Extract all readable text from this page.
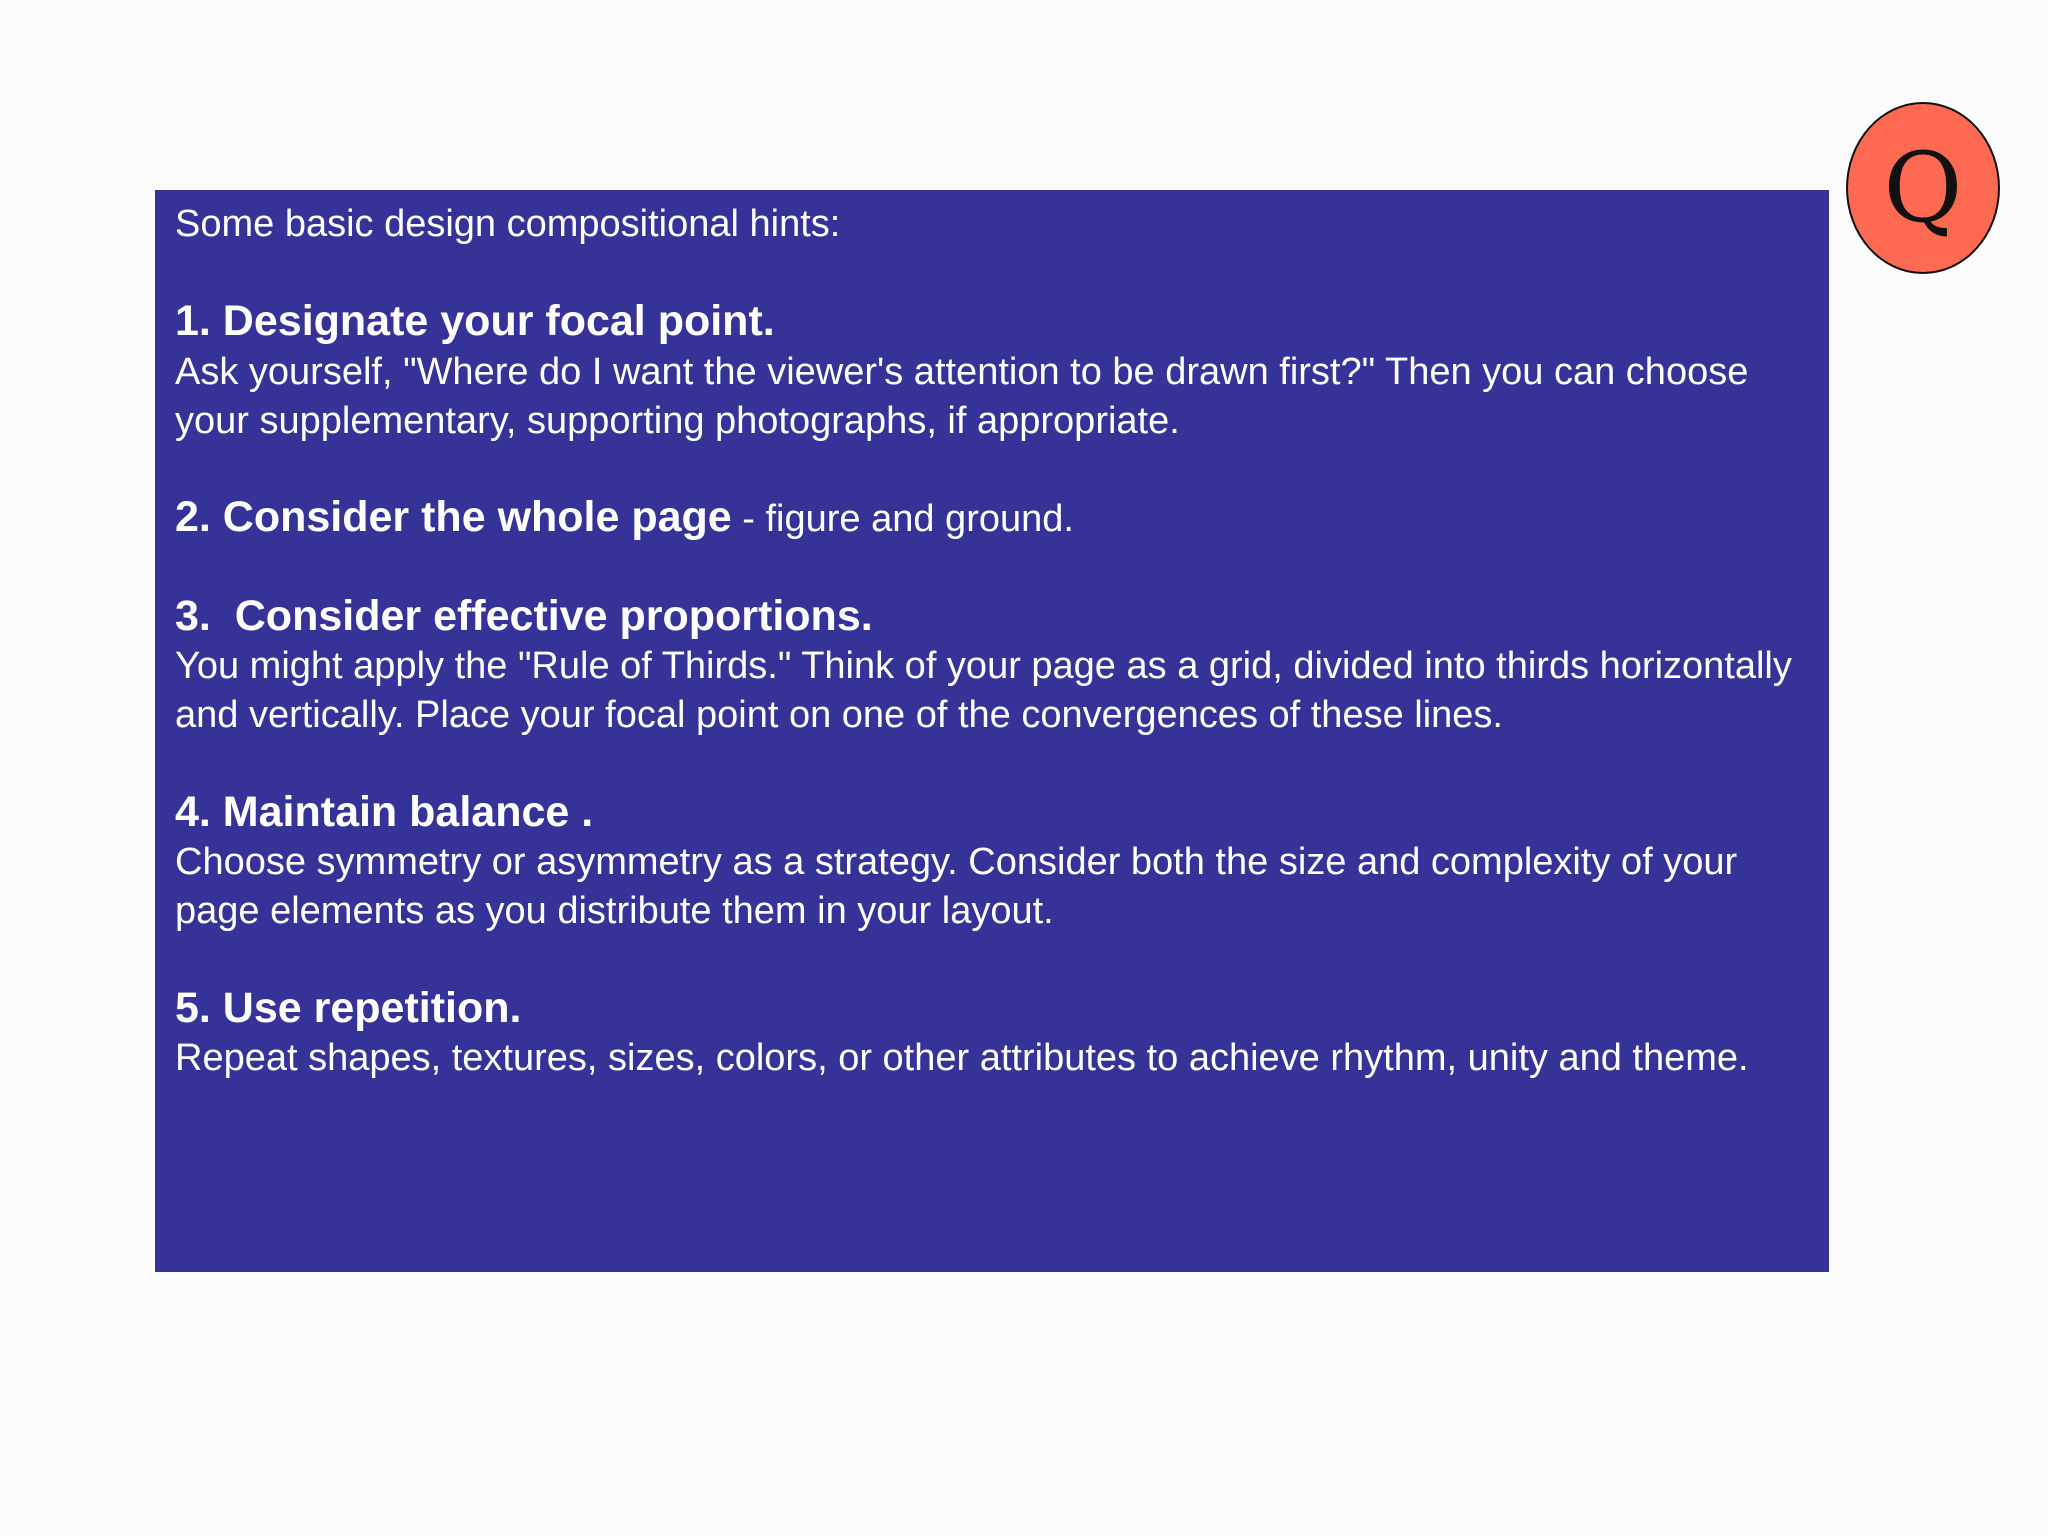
Some basic design compositional hints:

1. Designate your focal point.

Ask yourself, "Where do I want the viewer's attention to be drawn first?" Then you can choose your supplementary, supporting photographs, if appropriate.

2. Consider the whole page - figure and ground.
3.  Consider effective proportions.

You might apply the "Rule of Thirds." Think of your page as a grid, divided into thirds horizontally and vertically. Place your focal point on one of the convergences of these lines.

4. Maintain balance .

Choose symmetry or asymmetry as a strategy. Consider both the size and complexity of your page elements as you distribute them in your layout.

5. Use repetition.

Repeat shapes, textures, sizes, colors, or other attributes to achieve rhythm, unity and theme.

Q
